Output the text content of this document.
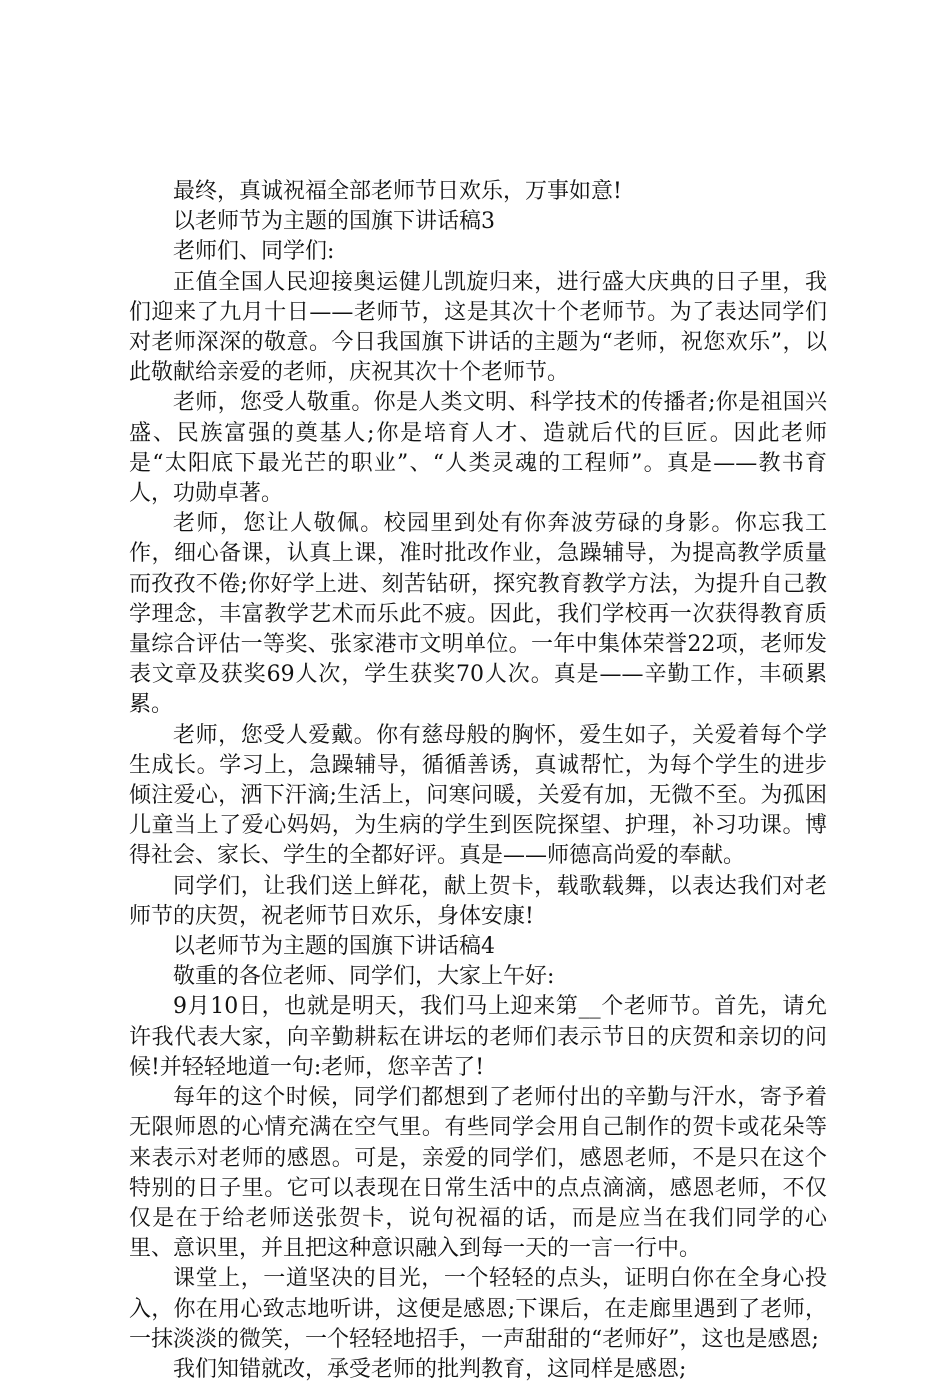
最终，真诚祝福全部老师节日欢乐，万事如意!

以老师节为主题的国旗下讲话稿3

老师们、同学们:

正值全国人民迎接奥运健儿凯旋归来，进行盛大庆典的日子里，我们迎来了九月十日——老师节，这是其次十个老师节。为了表达同学们对老师深深的敬意。今日我国旗下讲话的主题为“老师，祝您欢乐”，以此敬献给亲爱的老师，庆祝其次十个老师节。

老师，您受人敬重。你是人类文明、科学技术的传播者;你是祖国兴盛、民族富强的奠基人;你是培育人才、造就后代的巨匠。因此老师是“太阳底下最光芒的职业”、“人类灵魂的工程师”。真是——教书育人，功勋卓著。

老师，您让人敬佩。校园里到处有你奔波劳碌的身影。你忘我工作，细心备课，认真上课，准时批改作业，急躁辅导，为提高教学质量而孜孜不倦;你好学上进、刻苦钻研，探究教育教学方法，为提升自己教学理念，丰富教学艺术而乐此不疲。因此，我们学校再一次获得教育质量综合评估一等奖、张家港市文明单位。一年中集体荣誉22项，老师发表文章及获奖69人次，学生获奖70人次。真是——辛勤工作，丰硕累累。

老师，您受人爱戴。你有慈母般的胸怀，爱生如子，关爱着每个学生成长。学习上，急躁辅导，循循善诱，真诚帮忙，为每个学生的进步倾注爱心，洒下汗滴;生活上，问寒问暖，关爱有加，无微不至。为孤困儿童当上了爱心妈妈，为生病的学生到医院探望、护理，补习功课。博得社会、家长、学生的全都好评。真是——师德高尚爱的奉献。

同学们，让我们送上鲜花，献上贺卡，载歌载舞，以表达我们对老师节的庆贺，祝老师节日欢乐，身体安康!

以老师节为主题的国旗下讲话稿4

敬重的各位老师、同学们，大家上午好:

9月10日，也就是明天，我们马上迎来第__个老师节。首先，请允许我代表大家，向辛勤耕耘在讲坛的老师们表示节日的庆贺和亲切的问候!并轻轻地道一句:老师，您辛苦了!

每年的这个时候，同学们都想到了老师付出的辛勤与汗水，寄予着无限师恩的心情充满在空气里。有些同学会用自己制作的贺卡或花朵等来表示对老师的感恩。可是，亲爱的同学们，感恩老师，不是只在这个特别的日子里。它可以表现在日常生活中的点点滴滴，感恩老师，不仅仅是在于给老师送张贺卡，说句祝福的话，而是应当在我们同学的心里、意识里，并且把这种意识融入到每一天的一言一行中。

课堂上，一道坚决的目光，一个轻轻的点头，证明白你在全身心投入，你在用心致志地听讲，这便是感恩;下课后，在走廊里遇到了老师，一抹淡淡的微笑，一个轻轻地招手，一声甜甜的“老师好”，这也是感恩;

我们知错就改，承受老师的批判教育，这同样是感恩;
